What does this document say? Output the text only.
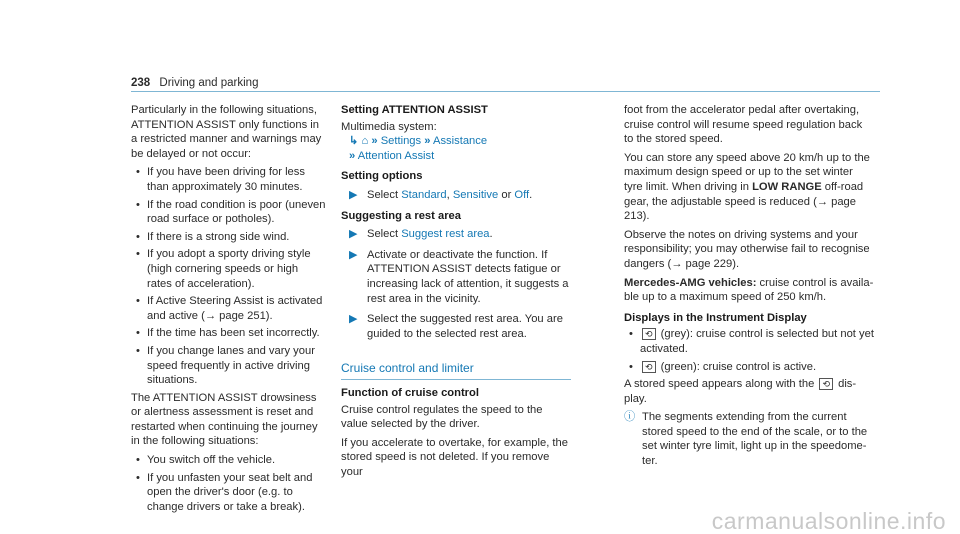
238 Driving and parking

Particularly in the following situations, ATTENTION ASSIST only functions in a restricted manner and warnings may be delayed or not occur:

• If you have been driving for less than approximately 30 minutes.
• If the road condition is poor (uneven road surface or potholes).
• If there is a strong side wind.
• If you adopt a sporty driving style (high cornering speeds or high rates of acceleration).
• If Active Steering Assist is activated and active (→ page 251).
• If the time has been set incorrectly.
• If you change lanes and vary your speed frequently in active driving situations.

The ATTENTION ASSIST drowsiness or alertness assessment is reset and restarted when continuing the journey in the following situations:

• You switch off the vehicle.
• If you unfasten your seat belt and open the driver's door (e.g. to change drivers or take a break).
Setting ATTENTION ASSIST
Multimedia system:
↳ ⌂ » Settings » Assistance
» Attention Assist
Setting options
▶ Select Standard, Sensitive or Off.
Suggesting a rest area
▶ Select Suggest rest area.
▶ Activate or deactivate the function. If ATTENTION ASSIST detects fatigue or increasing lack of attention, it suggests a rest area in the vicinity.
▶ Select the suggested rest area. You are guided to the selected rest area.
Cruise control and limiter
Function of cruise control

Cruise control regulates the speed to the value selected by the driver.

If you accelerate to overtake, for example, the stored speed is not deleted. If you remove your

foot from the accelerator pedal after overtaking, cruise control will resume speed regulation back to the stored speed.

You can store any speed above 20 km/h up to the maximum design speed or up to the set winter tyre limit. When driving in LOW RANGE off-road gear, the adjustable speed is reduced (→ page 213).

Observe the notes on driving systems and your responsibility; you may otherwise fail to recognise dangers (→ page 229).

Mercedes-AMG vehicles: cruise control is available up to a maximum speed of 250 km/h.

Displays in the Instrument Display
•	⟲ (grey): cruise control is selected but not yet activated.
•	⟲ (green): cruise control is active.

A stored speed appears along with the ⟲ display.

ⓘ The segments extending from the current stored speed to the end of the scale, or to the set winter tyre limit, light up in the speedometer.
carmanualsonline.info
